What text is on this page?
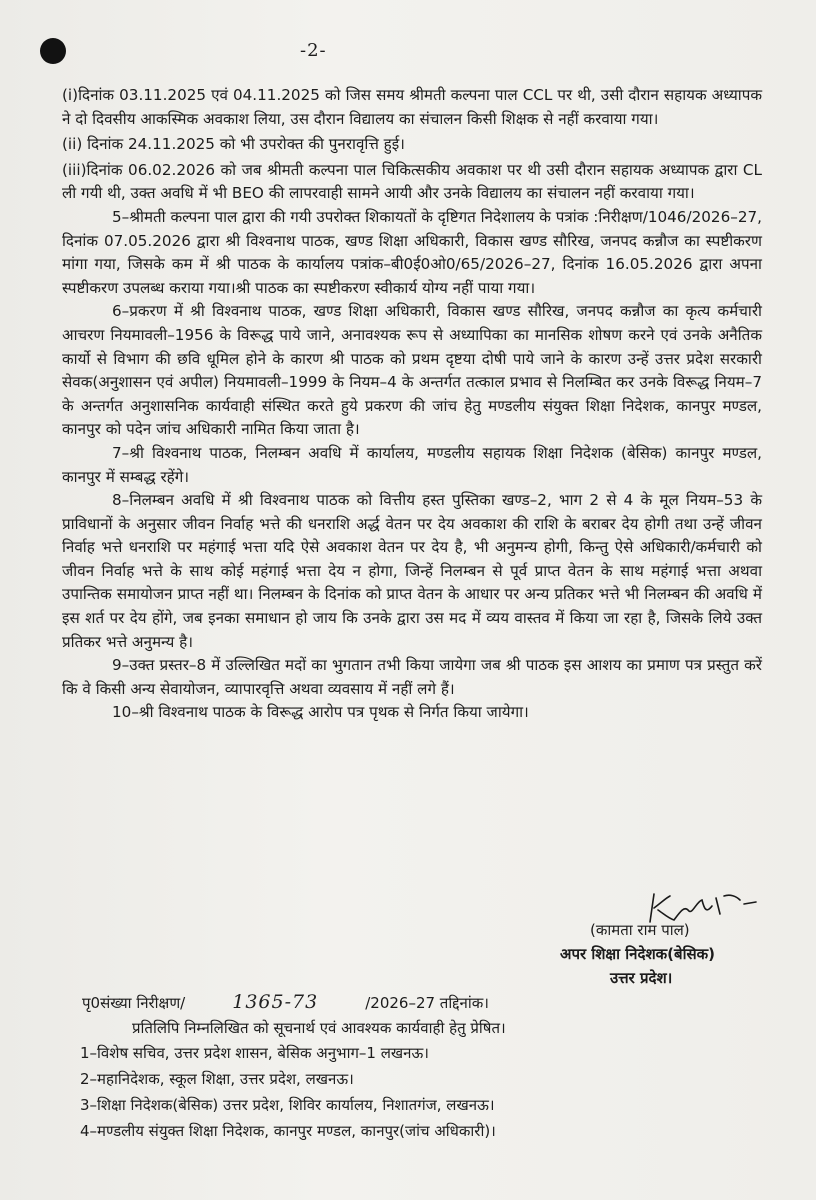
-2-

(i)दिनांक 03.11.2025 एवं 04.11.2025 को जिस समय श्रीमती कल्पना पाल CCL पर थी, उसी दौरान सहायक अध्यापक ने दो दिवसीय आकस्मिक अवकाश लिया, उस दौरान विद्यालय का संचालन किसी शिक्षक से नहीं करवाया गया।

(ii) दिनांक 24.11.2025 को भी उपरोक्त की पुनरावृत्ति हुई।

(iii)दिनांक 06.02.2026 को जब श्रीमती कल्पना पाल चिकित्सकीय अवकाश पर थी उसी दौरान सहायक अध्यापक द्वारा CL ली गयी थी, उक्त अवधि में भी BEO की लापरवाही सामने आयी और उनके विद्यालय का संचालन नहीं करवाया गया।

5–श्रीमती कल्पना पाल द्वारा की गयी उपरोक्त शिकायतों के दृष्टिगत निदेशालय के पत्रांक :निरीक्षण/1046/2026–27, दिनांक 07.05.2026 द्वारा श्री विश्वनाथ पाठक, खण्ड शिक्षा अधिकारी, विकास खण्ड सौरिख, जनपद कन्नौज का स्पष्टीकरण मांगा गया, जिसके कम में श्री पाठक के कार्यालय पत्रांक–बी0ई0ओ0/65/2026–27, दिनांक 16.05.2026 द्वारा अपना स्पष्टीकरण उपलब्ध कराया गया।श्री पाठक का स्पष्टीकरण स्वीकार्य योग्य नहीं पाया गया।

6–प्रकरण में श्री विश्वनाथ पाठक, खण्ड शिक्षा अधिकारी, विकास खण्ड सौरिख, जनपद कन्नौज का कृत्य कर्मचारी आचरण नियमावली–1956 के विरूद्ध पाये जाने, अनावश्यक रूप से अध्यापिका का मानसिक शोषण करने एवं उनके अनैतिक कार्यो से विभाग की छवि धूमिल होने के कारण श्री पाठक को प्रथम दृष्टया दोषी पाये जाने के कारण उन्हें उत्तर प्रदेश सरकारी सेवक(अनुशासन एवं अपील) नियमावली–1999 के नियम–4 के अन्तर्गत तत्काल प्रभाव से निलम्बित कर उनके विरूद्ध नियम–7 के अन्तर्गत अनुशासनिक कार्यवाही संस्थित करते हुये प्रकरण की जांच हेतु मण्डलीय संयुक्त शिक्षा निदेशक, कानपुर मण्डल, कानपुर को पदेन जांच अधिकारी नामित किया जाता है।

7–श्री विश्वनाथ पाठक, निलम्बन अवधि में कार्यालय, मण्डलीय सहायक शिक्षा निदेशक (बेसिक) कानपुर मण्डल, कानपुर में सम्बद्ध रहेंगे।

8–निलम्बन अवधि में श्री विश्वनाथ पाठक को वित्तीय हस्त पुस्तिका खण्ड–2, भाग 2 से 4 के मूल नियम–53 के प्राविधानों के अनुसार जीवन निर्वाह भत्ते की धनराशि अर्द्ध वेतन पर देय अवकाश की राशि के बराबर देय होगी तथा उन्हें जीवन निर्वाह भत्ते धनराशि पर महंगाई भत्ता यदि ऐसे अवकाश वेतन पर देय है, भी अनुमन्य होगी, किन्तु ऐसे अधिकारी/कर्मचारी को जीवन निर्वाह भत्ते के साथ कोई महंगाई भत्ता देय न होगा, जिन्हें निलम्बन से पूर्व प्राप्त वेतन के साथ महंगाई भत्ता अथवा उपान्तिक समायोजन प्राप्त नहीं था। निलम्बन के दिनांक को प्राप्त वेतन के आधार पर अन्य प्रतिकर भत्ते भी निलम्बन की अवधि में इस शर्त पर देय होंगे, जब इनका समाधान हो जाय कि उनके द्वारा उस मद में व्यय वास्तव में किया जा रहा है, जिसके लिये उक्त प्रतिकर भत्ते अनुमन्य है।

9–उक्त प्रस्तर–8 में उल्लिखित मदों का भुगतान तभी किया जायेगा जब श्री पाठक इस आशय का प्रमाण पत्र प्रस्तुत करें कि वे किसी अन्य सेवायोजन, व्यापारवृत्ति अथवा व्यवसाय में नहीं लगे हैं।

10–श्री विश्वनाथ पाठक के विरूद्ध आरोप पत्र पृथक से निर्गत किया जायेगा।

(कामता राम पाल)
अपर शिक्षा निदेशक(बेसिक)
उत्तर प्रदेश।
पृ0संख्या निरीक्षण/ 1365-73	/2026–27 तद्दिनांक।
प्रतिलिपि निम्नलिखित को सूचनार्थ एवं आवश्यक कार्यवाही हेतु प्रेषित।
1–विशेष सचिव, उत्तर प्रदेश शासन, बेसिक अनुभाग–1 लखनऊ।
2–महानिदेशक, स्कूल शिक्षा, उत्तर प्रदेश, लखनऊ।
3–शिक्षा निदेशक(बेसिक) उत्तर प्रदेश, शिविर कार्यालय, निशातगंज, लखनऊ।
4–मण्डलीय संयुक्त शिक्षा निदेशक, कानपुर मण्डल, कानपुर(जांच अधिकारी)।
